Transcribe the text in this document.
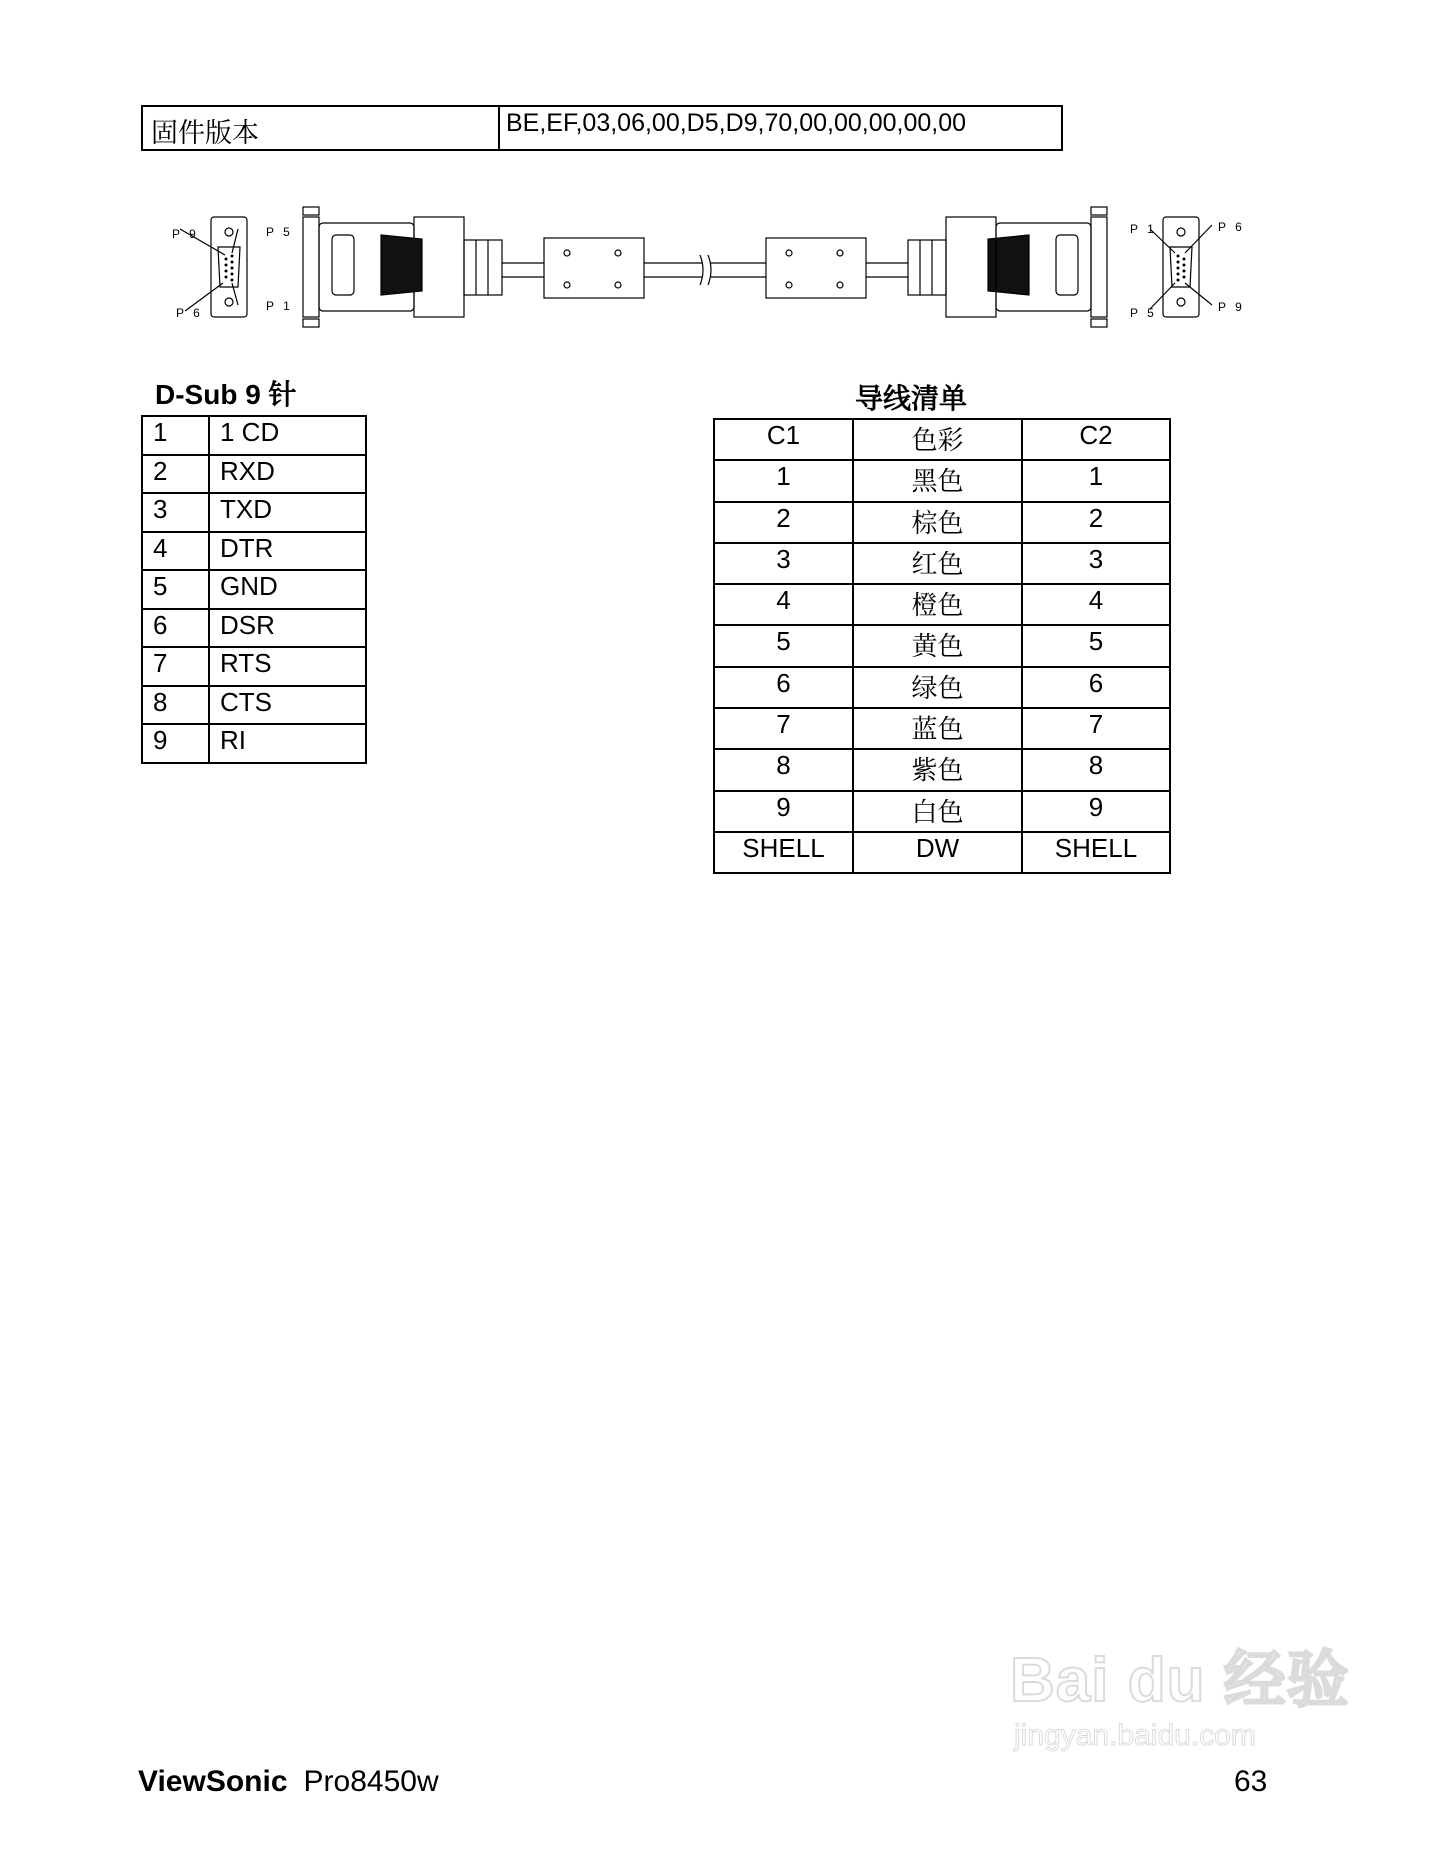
固件版本	BE,EF,03,06,00,D5,D9,70,00,00,00,00,00
P 9	P 5
P 6	P 1
P 1	P 6
P 5	P 9
D-Sub 9 针
1	1 CD
2	RXD
3	TXD
4	DTR
5	GND
6	DSR
7	RTS
8	CTS
9	RI
导线清单
C1	色彩	C2
1	黑色	1
2	棕色	2
3	红色	3
4	橙色	4
5	黄色	5
6	绿色	6
7	蓝色	7
8	紫色	8
9	白色	9
SHELL	DW	SHELL
ViewSonic Pro8450w	63
Bai du 经验
jingyan.baidu.com
